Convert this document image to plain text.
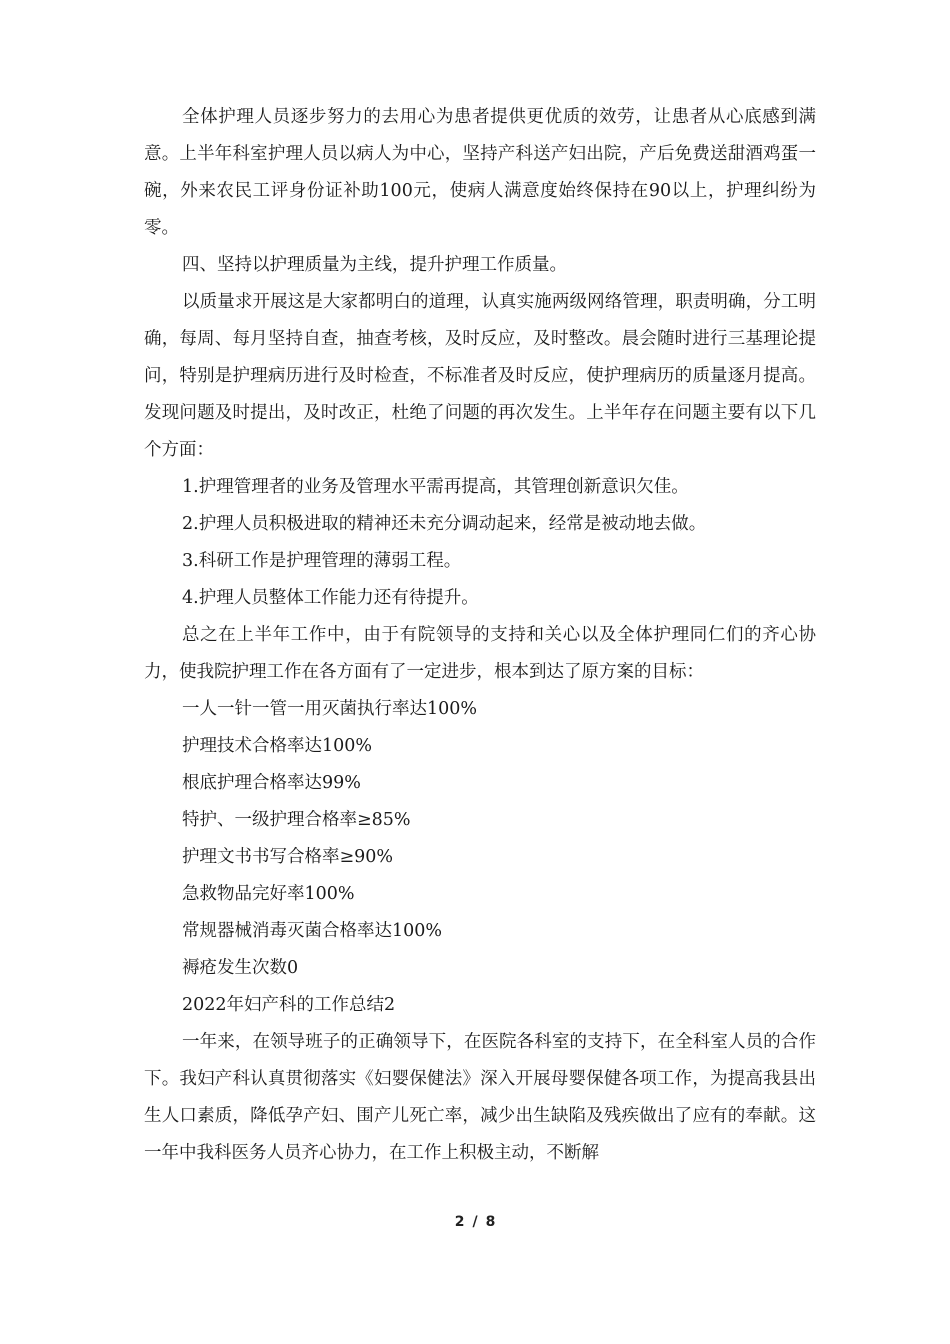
全体护理人员逐步努力的去用心为患者提供更优质的效劳，让患者从心底感到满意。上半年科室护理人员以病人为中心，坚持产科送产妇出院，产后免费送甜酒鸡蛋一碗，外来农民工评身份证补助100元，使病人满意度始终保持在90以上，护理纠纷为零。

四、坚持以护理质量为主线，提升护理工作质量。

以质量求开展这是大家都明白的道理，认真实施两级网络管理，职责明确，分工明确，每周、每月坚持自查，抽查考核，及时反应，及时整改。晨会随时进行三基理论提问，特别是护理病历进行及时检查，不标准者及时反应，使护理病历的质量逐月提高。发现问题及时提出，及时改正，杜绝了问题的再次发生。上半年存在问题主要有以下几个方面：

1.护理管理者的业务及管理水平需再提高，其管理创新意识欠佳。

2.护理人员积极进取的精神还未充分调动起来，经常是被动地去做。

3.科研工作是护理管理的薄弱工程。

4.护理人员整体工作能力还有待提升。

总之在上半年工作中，由于有院领导的支持和关心以及全体护理同仁们的齐心协力，使我院护理工作在各方面有了一定进步，根本到达了原方案的目标：

一人一针一管一用灭菌执行率达100%

护理技术合格率达100%

根底护理合格率达99%

特护、一级护理合格率≥85%

护理文书书写合格率≥90%

急救物品完好率100%

常规器械消毒灭菌合格率达100%

褥疮发生次数0

2022年妇产科的工作总结2

一年来，在领导班子的正确领导下，在医院各科室的支持下，在全科室人员的合作下。我妇产科认真贯彻落实《妇婴保健法》深入开展母婴保健各项工作，为提高我县出生人口素质，降低孕产妇、围产儿死亡率，减少出生缺陷及残疾做出了应有的奉献。这一年中我科医务人员齐心协力，在工作上积极主动，不断解

2 / 8
